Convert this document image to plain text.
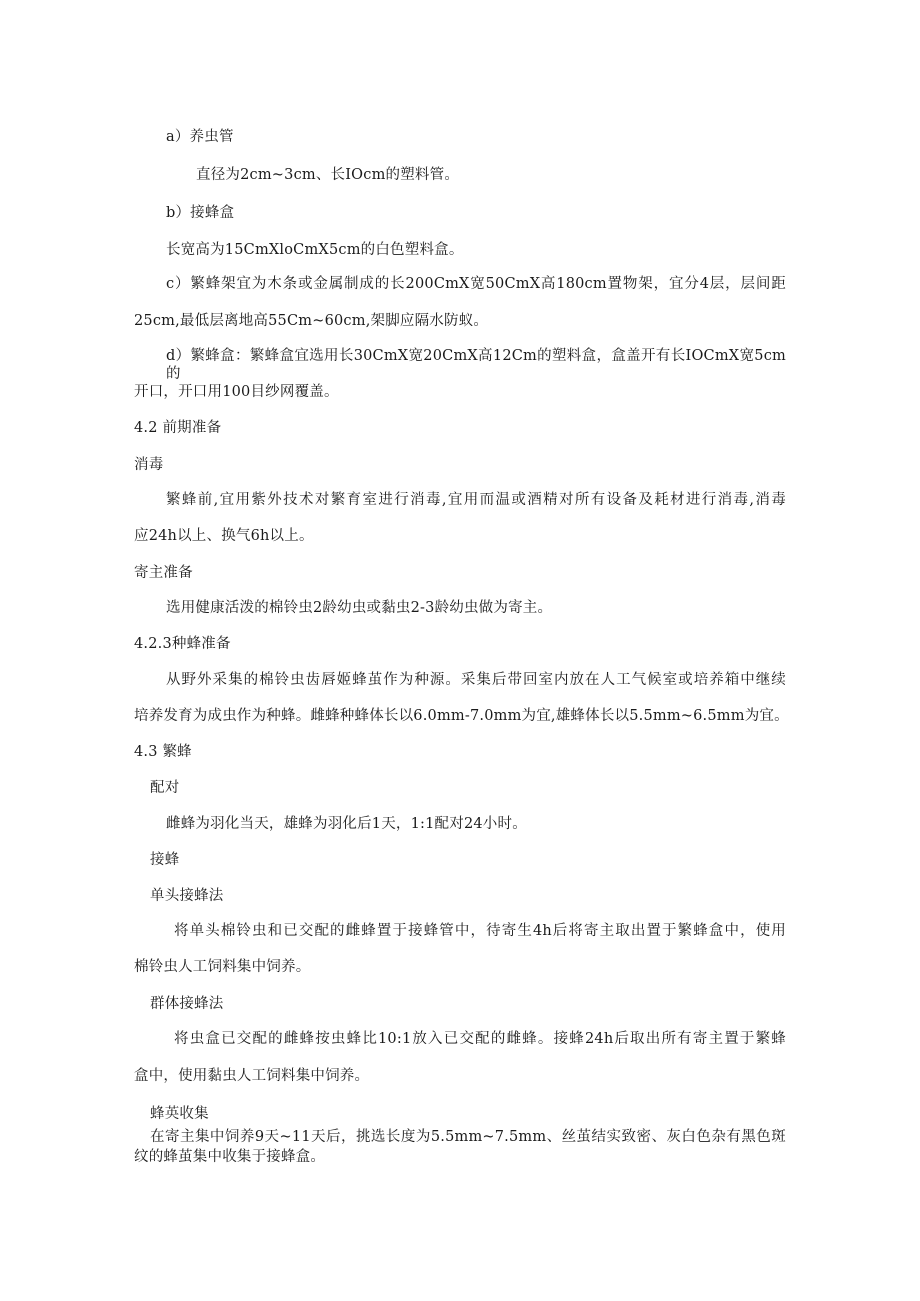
a）养虫管
直径为2cm~3cm、长IOcm的塑料管。
b）接蜂盒
长宽高为15CmXloCmX5cm的白色塑料盒。
c）繁蜂架宜为木条或金属制成的长200CmX宽50CmX高180cm置物架，宜分4层，层间距
25cm,最低层离地高55Cm~60cm,架脚应隔水防蚁。
d）繁蜂盒：繁蜂盒宜选用长30CmX宽20CmX高12Cm的塑料盒，盒盖开有长IOCmX宽5cm的
开口，开口用100目纱网覆盖。
4.2 前期准备
消毒
繁蜂前,宜用紫外技术对繁育室进行消毒,宜用而温或酒精对所有设备及耗材进行消毒,消毒
应24h以上、换气6h以上。
寄主准备
选用健康活泼的棉铃虫2龄幼虫或黏虫2-3龄幼虫做为寄主。
4.2.3种蜂准备
从野外采集的棉铃虫齿唇姬蜂茧作为种源。采集后带回室内放在人工气候室或培养箱中继续
培养发育为成虫作为种蜂。雌蜂种蜂体长以6.0mm-7.0mm为宜,雄蜂体长以5.5mm~6.5mm为宜。
4.3 繁蜂
配对
雌蜂为羽化当天，雄蜂为羽化后1天，1:1配对24小时。
接蜂
单头接蜂法
将单头棉铃虫和已交配的雌蜂置于接蜂管中，待寄生4h后将寄主取出置于繁蜂盒中，使用
棉铃虫人工饲料集中饲养。
群体接蜂法
将虫盒已交配的雌蜂按虫蜂比10:1放入已交配的雌蜂。接蜂24h后取出所有寄主置于繁蜂
盒中，使用黏虫人工饲料集中饲养。
蜂英收集
在寄主集中饲养9天~11天后，挑选长度为5.5mm~7.5mm、丝茧结实致密、灰白色杂有黑色斑
纹的蜂茧集中收集于接蜂盒。
